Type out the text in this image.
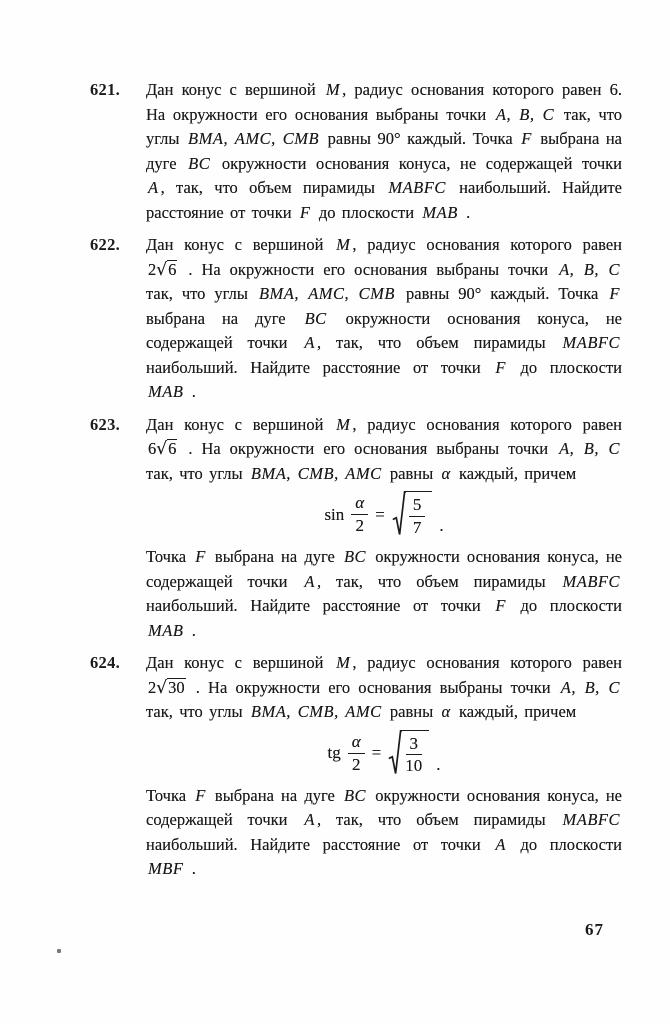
621.	Дан конус с вершиной M , радиус основания которого равен 6. На окружности его основания выбраны точки A, B, C так, что углы BMA, AMC, CMB равны 90° каждый. Точка F выбрана на дуге BC окружности основания конуса, не содержащей точки A , так, что объем пирамиды MABFC наибольший. Найдите расстояние от точки F до плоскости MAB .

622.	Дан конус с вершиной M , радиус основания которого равен 2√6 . На окружности его основания выбраны точки A, B, C так, что углы BMA, AMC, CMB равны 90° каждый. Точка F выбрана на дуге BC окружности основания конуса, не содержащей точки A , так, что объем пирамиды MABFC наибольший. Найдите расстояние от точки F до плоскости MAB .

623.	Дан конус с вершиной M , радиус основания которого равен 6√6 . На окружности его основания выбраны точки A, B, C так, что углы BMA, CMB, AMC равны α каждый, причем

$\sin \frac{\alpha}{2} = \frac{5}{7}$ .

Точка F выбрана на дуге BC окружности основания конуса, не содержащей точки A , так, что объем пирамиды MABFC наибольший. Найдите расстояние от точки F до плоскости MAB .

624.	Дан конус с вершиной M , радиус основания которого равен 2√30 . На окружности его основания выбраны точки A, B, C так, что углы BMA, CMB, AMC равны α каждый, причем

tg $\frac{\alpha}{2} = \frac{3}{10}$ .

Точка F выбрана на дуге BC окружности основания конуса, не содержащей точки A , так, что объем пирамиды MABFC наибольший. Найдите расстояние от точки A до плоскости MBF .

67
